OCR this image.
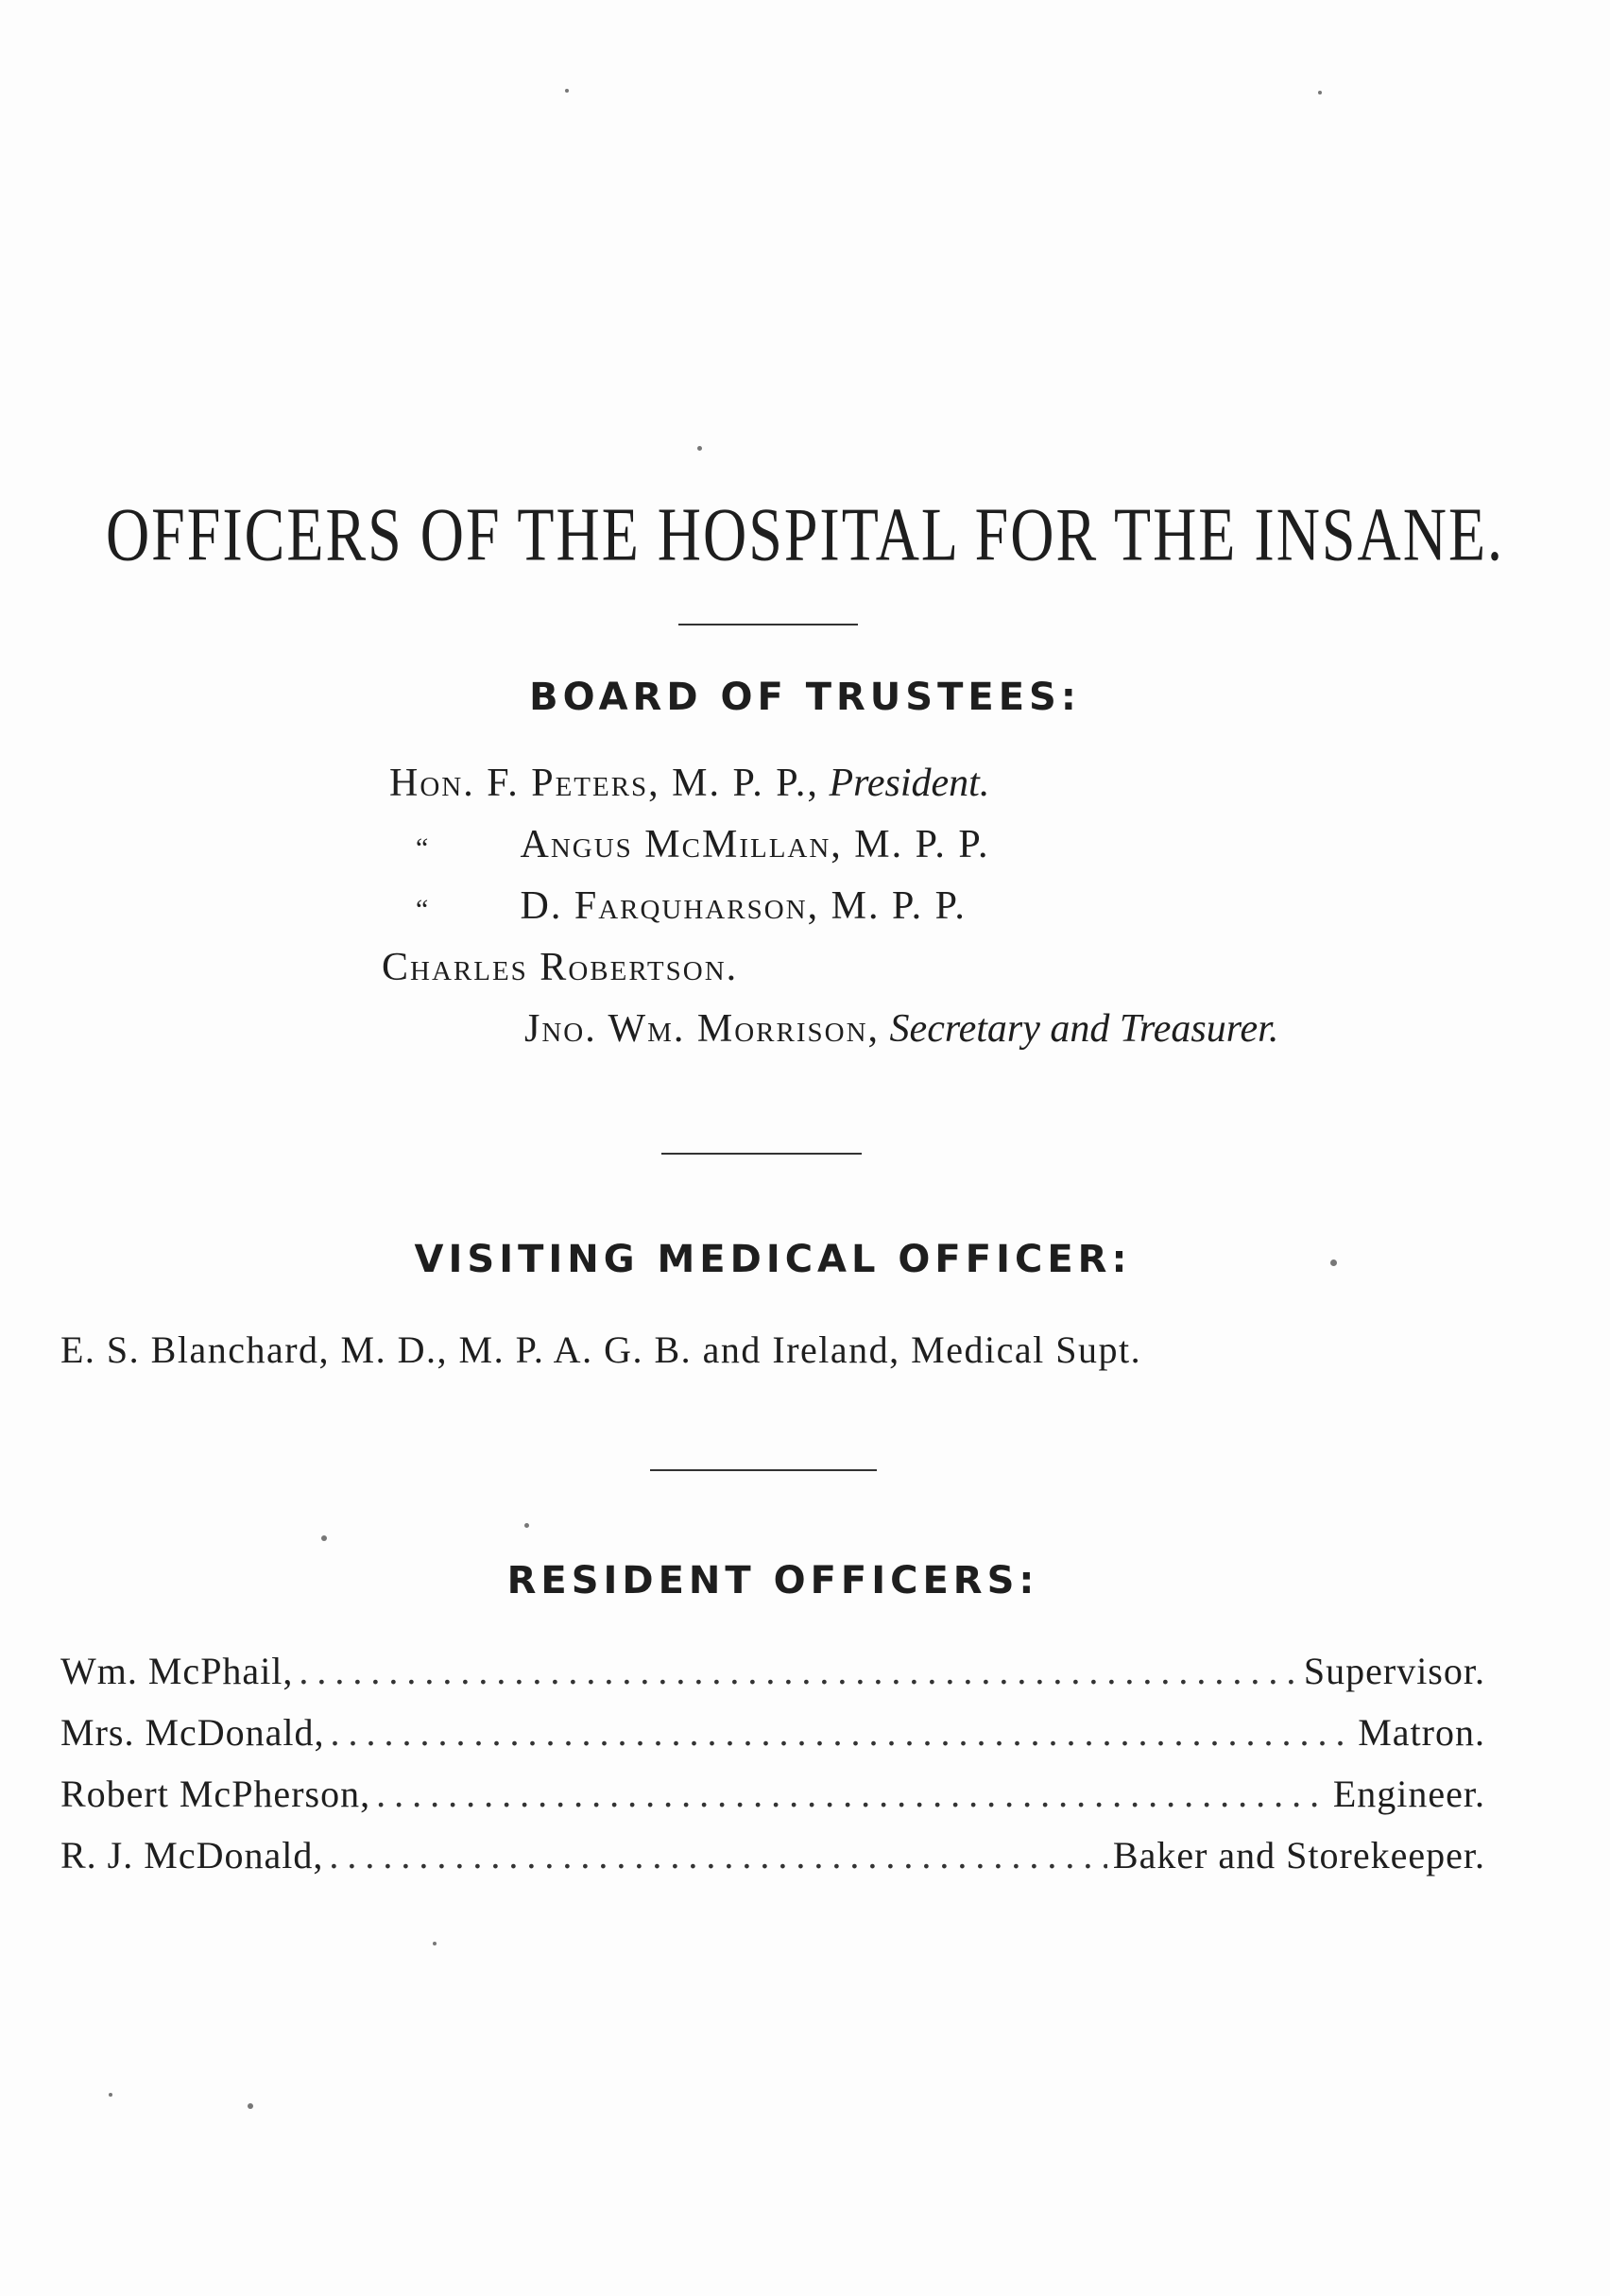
OFFICERS OF THE HOSPITAL FOR THE INSANE.
BOARD OF TRUSTEES:
Hon. F. Peters, M. P. P., President.
“ Angus McMillan, M. P. P.
“ D. Farquharson, M. P. P.
Charles Robertson.
Jno. Wm. Morrison, Secretary and Treasurer.
VISITING MEDICAL OFFICER:
E. S. Blanchard, M. D., M. P. A. G. B. and Ireland, Medical Supt.
RESIDENT OFFICERS:
Wm. McPhail, .....	Supervisor.
Mrs. McDonald, .....	Matron.
Robert McPherson, .....	Engineer.
R. J. McDonald, .....	Baker and Storekeeper.
